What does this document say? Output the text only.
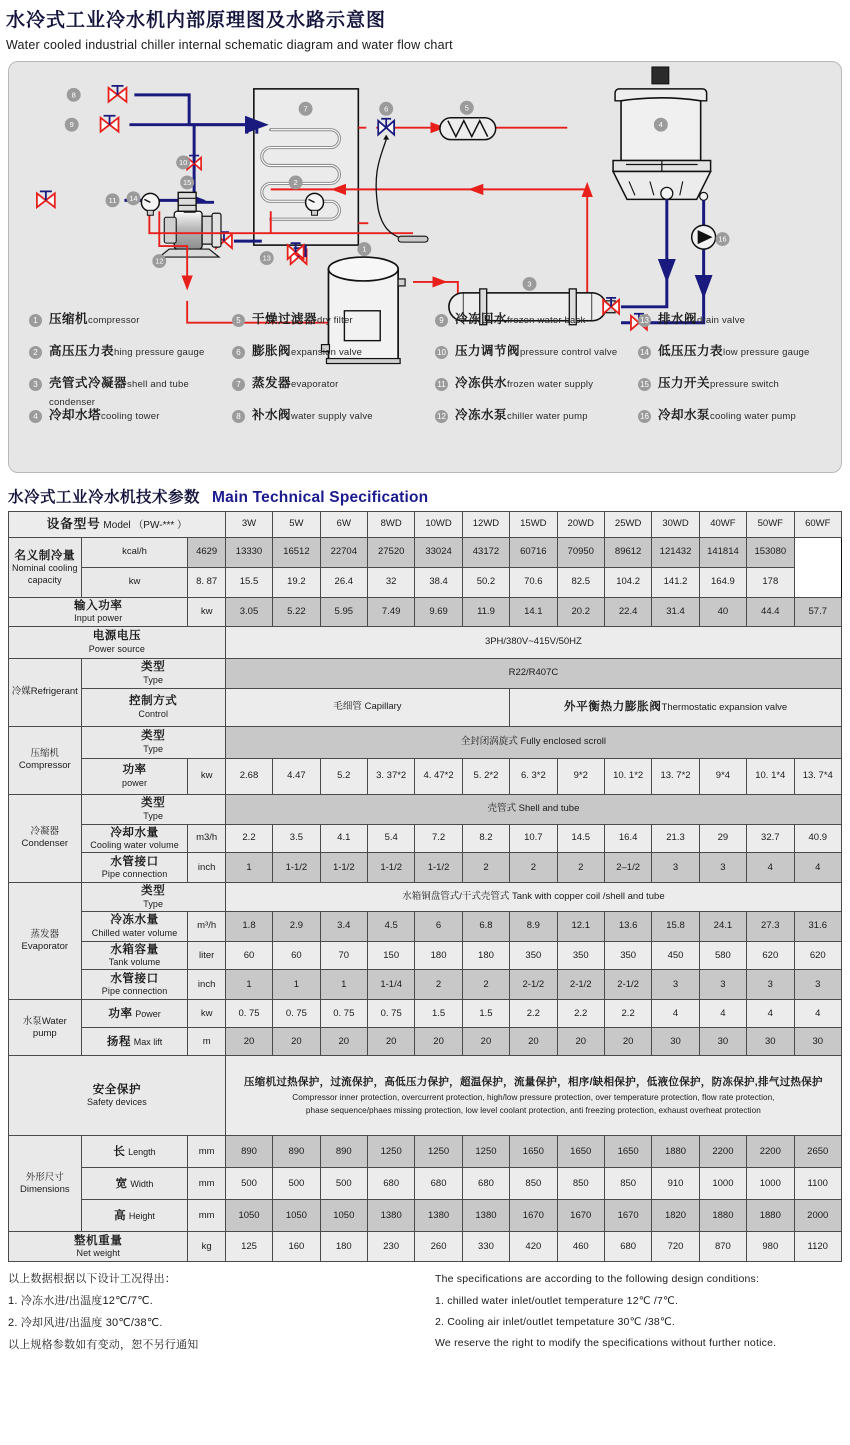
水冷式工业冷水机内部原理图及水路示意图
Water cooled industrial chiller internal schematic diagram and water flow chart
1
2
3
4
5
6
7
8
9
10
11
12	13
14
15
16
1 压缩机compressor	5 干燥过滤器dry filter	9 冷冻回水frozen water back	13 排水阀drain valve
2 高压压力表hing pressure gauge	6 膨胀阀expansion valve	10 压力调节阀pressure control valve	14 低压压力表low pressure gauge
3 壳管式冷凝器shell and tube condenser
7 蒸发器evaporator	11 冷冻供水frozen water supply	15 压力开关pressure switch
4 冷却水塔cooling tower	8 补水阀water supply valve	12 冷冻水泵chiller water pump	16 冷却水泵cooling water pump
水冷式工业冷水机技术参数 Main Technical Specification
设备型号 Model （PW-*** ）			3W	5W	6W	8WD	10WD	12WD	15WD	20WD	25WD	30WD	40WF	50WF	60WF

名义制冷量
Nominal cooling capacity	kcal/h	4629	13330	16512	22704	27520	33024	43172	60716	70950	89612	121432	141814	153080	
	kw	8. 87	15.5	19.2	26.4	32	38.4	50.2	70.6	82.5	104.2	141.2	164.9	178	

输入功率
Input power		kw	3.05	5.22	5.95	7.49	9.69	11.9	14.1	20.2	22.4	31.4	40	44.4	57.7

电源电压
Power source			3PH/380V~415V/50HZ												
冷媒Refrigerant	类型
Type		R22/R407C												

	控制方式
Control		毛细管 Capillary						外平衡热力膨胀阀Thermostatic expansion valve						
压缩机Compressor	类型
Type		全封闭涡旋式 Fully enclosed scroll												

	功率
power	kw	2.68	4.47	5.2	3. 37*2	4. 47*2	5. 2*2	6. 3*2	9*2	10. 1*2	13. 7*2	9*4	10. 1*4	13. 7*4
冷凝器Condenser	类型
Type		壳管式 Shell and tube												

	冷却水量
Cooling water volume	m3/h	2.2	3.5	4.1	5.4	7.2	8.2	10.7	14.5	16.4	21.3	29	32.7	40.9

	水管接口
Pipe connection	inch	1	1-1/2	1-1/2	1-1/2	1-1/2	2	2	2	2–1/2	3	3	4	4
蒸发器Evaporator	类型
Type		水箱铜盘管式/干式壳管式 Tank with copper coil /shell and tube												

	冷冻水量
Chilled water volume	m³/h	1.8	2.9	3.4	4.5	6	6.8	8.9	12.1	13.6	15.8	24.1	27.3	31.6

	水箱容量
Tank volume	liter	60	60	70	150	180	180	350	350	350	450	580	620	620

	水管接口
Pipe connection	inch	1	1	1	1-1/4	2	2	2-1/2	2-1/2	2-1/2	3	3	3	3
水泵Water pump	功率 Power	kw	0. 75	0. 75	0. 75	0. 75	1.5	1.5	2.2	2.2	2.2	4	4	4	4
	扬程 Max lift	m	20	20	20	20	20	20	20	20	20	30	30	30	30

安全保护
Safety devices

压缩机过热保护，过流保护，高低压力保护，超温保护，流量保护，相序/缺相保护，低液位保护，防冻保护,排气过热保护
Compressor inner protection, overcurrent protection, high/low pressure protection, over temperature protection, flow rate protection,
phase sequence/phaes missing protection, low level coolant protection, anti freezing protection, exhaust overheat protection

外形尺寸Dimensions	长 Length	mm	890	890	890	1250	1250	1250	1650	1650	1650	1880	2200	2200	2650
	宽 Width	mm	500	500	500	680	680	680	850	850	850	910	1000	1000	1100
	高 Height	mm	1050	1050	1050	1380	1380	1380	1670	1670	1670	1820	1880	1880	2000

整机重量
Net weight		kg	125	160	180	230	260	330	420	460	680	720	870	980	1120

以上数据根据以下设计工况得出：

1. 冷冻水进/出温度12℃/7℃.

2. 冷却风进/出温度 30℃/38℃.

以上规格参数如有变动，恕不另行通知

The specifications are according to the following design conditions:

1. chilled water inlet/outlet temperature 12℃ /7℃.

2. Cooling air inlet/outlet tempetature 30℃ /38℃.

We reserve the right to modify the specifications without further notice.
